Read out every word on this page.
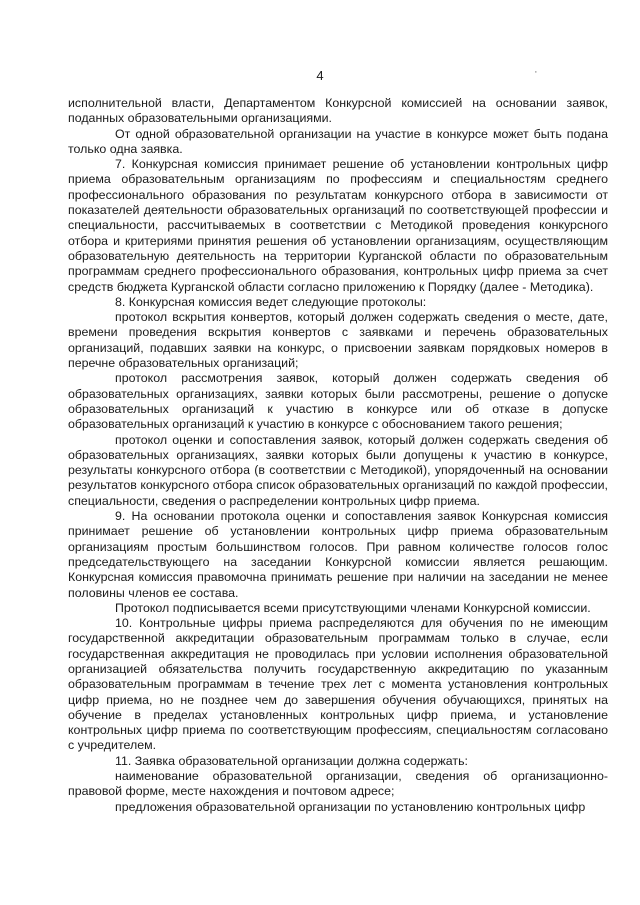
4	·

исполнительной власти, Департаментом Конкурсной комиссией на основании заявок, поданных образовательными организациями.

От одной образовательной организации на участие в конкурсе может быть подана только одна заявка.

7. Конкурсная комиссия принимает решение об установлении контрольных цифр приема образовательным организациям по профессиям и специальностям среднего профессионального образования по результатам конкурсного отбора в зависимости от показателей деятельности образовательных организаций по соответствующей профессии и специальности, рассчитываемых в соответствии с Методикой проведения конкурсного отбора и критериями принятия решения об установлении организациям, осуществляющим образовательную деятельность на территории Курганской области по образовательным программам среднего профессионального образования, контрольных цифр приема за счет средств бюджета Курганской области согласно приложению к Порядку (далее - Методика).

8. Конкурсная комиссия ведет следующие протоколы:

протокол вскрытия конвертов, который должен содержать сведения о месте, дате, времени проведения вскрытия конвертов с заявками и перечень образовательных организаций, подавших заявки на конкурс, о присвоении заявкам порядковых номеров в перечне образовательных организаций;

протокол рассмотрения заявок, который должен содержать сведения об образовательных организациях, заявки которых были рассмотрены, решение о допуске образовательных организаций к участию в конкурсе или об отказе в допуске образовательных организаций к участию в конкурсе с обоснованием такого решения;

протокол оценки и сопоставления заявок, который должен содержать сведения об образовательных организациях, заявки которых были допущены к участию в конкурсе, результаты конкурсного отбора (в соответствии с Методикой), упорядоченный на основании результатов конкурсного отбора список образовательных организаций по каждой профессии, специальности, сведения о распределении контрольных цифр приема.

9. На основании протокола оценки и сопоставления заявок Конкурсная комиссия принимает решение об установлении контрольных цифр приема образовательным организациям простым большинством голосов. При равном количестве голосов голос председательствующего на заседании Конкурсной комиссии является решающим. Конкурсная комиссия правомочна принимать решение при наличии на заседании не менее половины членов ее состава.

Протокол подписывается всеми присутствующими членами Конкурсной комиссии.

10. Контрольные цифры приема распределяются для обучения по не имеющим государственной аккредитации образовательным программам только в случае, если государственная аккредитация не проводилась при условии исполнения образовательной организацией обязательства получить государственную аккредитацию по указанным образовательным программам в течение трех лет с момента установления контрольных цифр приема, но не позднее чем до завершения обучения обучающихся, принятых на обучение в пределах установленных контрольных цифр приема, и установление контрольных цифр приема по соответствующим профессиям, специальностям согласовано с учредителем.

11. Заявка образовательной организации должна содержать:

наименование образовательной организации, сведения об организационно-правовой форме, месте нахождения и почтовом адресе;

предложения образовательной организации по установлению контрольных цифр
